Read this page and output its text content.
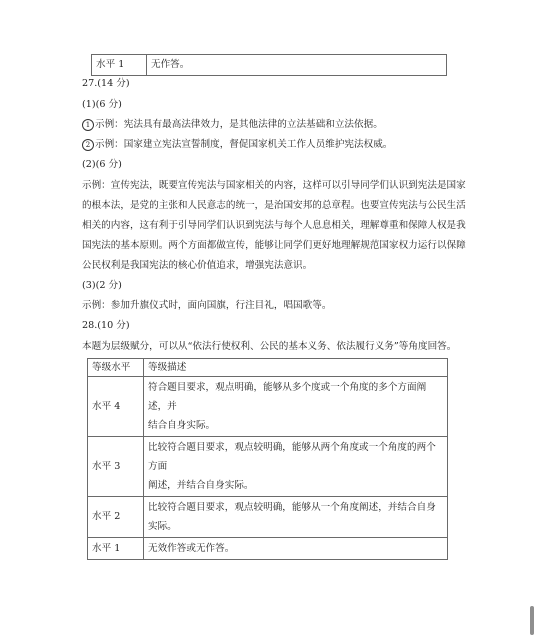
水平 1	无作答。
27.(14 分)
(1)(6 分)
1 示例：宪法具有最高法律效力，是其他法律的立法基础和立法依据。
2 示例：国家建立宪法宣誓制度，督促国家机关工作人员维护宪法权威。
(2)(6 分)
示例：宣传宪法，既要宣传宪法与国家相关的内容，这样可以引导同学们认识到宪法是国家
的根本法，是党的主张和人民意志的统一，是治国安邦的总章程。也要宣传宪法与公民生活
相关的内容，这有利于引导同学们认识到宪法与每个人息息相关，理解尊重和保障人权是我
国宪法的基本原则。两个方面都做宣传，能够让同学们更好地理解规范国家权力运行以保障
公民权利是我国宪法的核心价值追求，增强宪法意识。
(3)(2 分)
示例：参加升旗仪式时，面向国旗，行注目礼，唱国歌等。
28.(10 分)
本题为层级赋分，可以从“依法行使权利、公民的基本义务、依法履行义务”等角度回答。
等级水平	等级描述
水平 4	符合题目要求，观点明确，能够从多个度或一个角度的多个方面阐述，并
结合自身实际。

水平 3	比较符合题目要求，观点较明确，能够从两个角度或一个角度的两个方面
阐述，并结合自身实际。

水平 2	比较符合题目要求，观点较明确，能够从一个角度阐述，并结合自身实际。

水平 1	无效作答或无作答。
